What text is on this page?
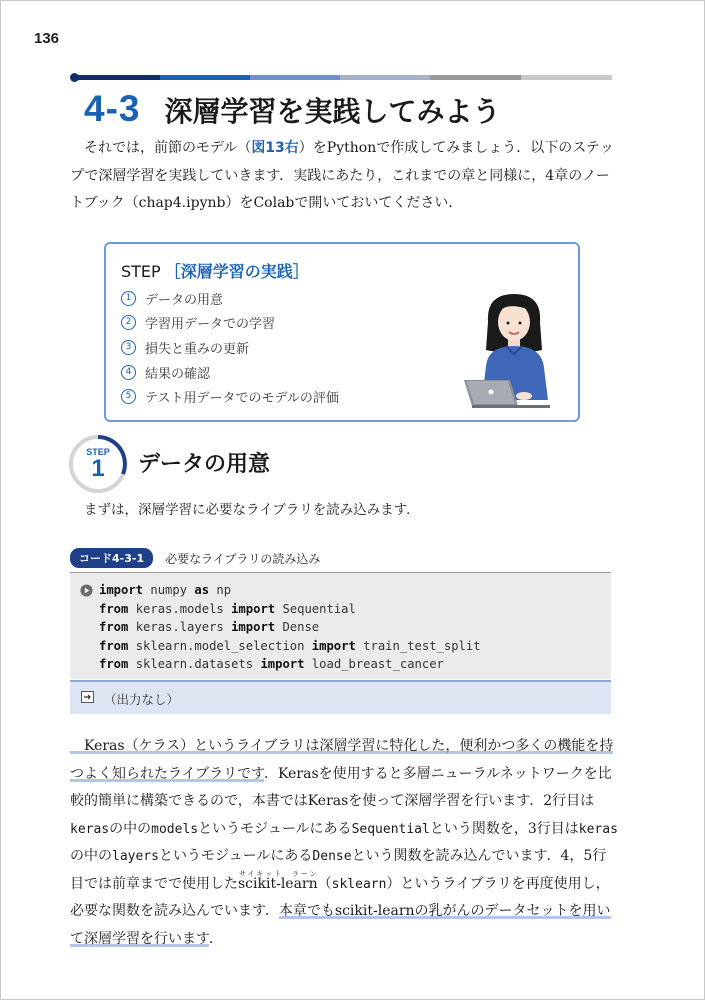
136
4-3 深層学習を実践してみよう
それでは，前節のモデル（図13右）をPythonで作成してみましょう．以下のステップで深層学習を実践していきます．実践にあたり，これまでの章と同様に，4章のノートブック（chap4.ipynb）をColabで開いておいてください．
STEP ［深層学習の実践］
1	データの用意
2	学習用データでの学習
3	損失と重みの更新
4	結果の確認
5	テスト用データでのモデルの評価
STEP
1	データの用意
まずは，深層学習に必要なライブラリを読み込みます．
コード4-3-1	必要なライブラリの読み込み
import numpy as np
from keras.models import Sequential
from keras.layers import Dense
from sklearn.model_selection import train_test_split
from sklearn.datasets import load_breast_cancer
（出力なし）
Keras（ケラス）というライブラリは深層学習に特化した，便利かつ多くの機能を持つよく知られたライブラリです．Kerasを使用すると多層ニューラルネットワークを比較的簡単に構築できるので，本書ではKerasを使って深層学習を行います．2行目はkerasの中のmodelsというモジュールにあるSequentialという関数を，3行目はkerasの中のlayersというモジュールにあるDenseという関数を読み込んでいます．4，5行目では前章までで使用したscikit-learnサイキット　ラーン（sklearn）というライブラリを再度使用し，必要な関数を読み込んでいます．本章でもscikit-learnの乳がんのデータセットを用いて深層学習を行います．
